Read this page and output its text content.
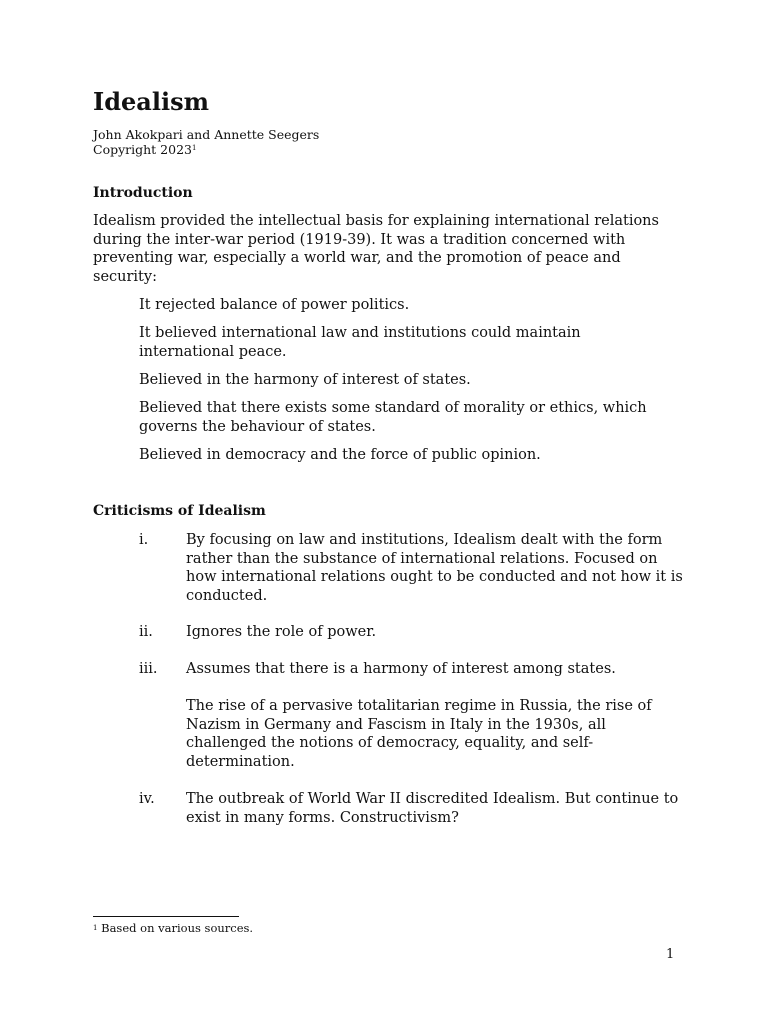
Idealism
John Akokpari and Annette Seegers
Copyright 2023$^1$
Introduction

Idealism provided the intellectual basis for explaining international relations during the inter-war period (1919-39). It was a tradition concerned with preventing war, especially a world war, and the promotion of peace and security:

It rejected balance of power politics.

It believed international law and institutions could maintain international peace.

Believed in the harmony of interest of states.

Believed that there exists some standard of morality or ethics, which governs the behaviour of states.

Believed in democracy and the force of public opinion.

Criticisms of Idealism
i.	By focusing on law and institutions, Idealism dealt with the form rather than the substance of international relations. Focused on how international relations ought to be conducted and not how it is conducted.

ii. Ignores the role of power.

iii. Assumes that there is a harmony of interest among states.

The rise of a pervasive totalitarian regime in Russia, the rise of Nazism in Germany and Fascism in Italy in the 1930s, all challenged the notions of democracy, equality, and self-determination.

iv. The outbreak of World War II discredited Idealism. But continue to exist in many forms. Constructivism?

$^1$ Based on various sources.
1
